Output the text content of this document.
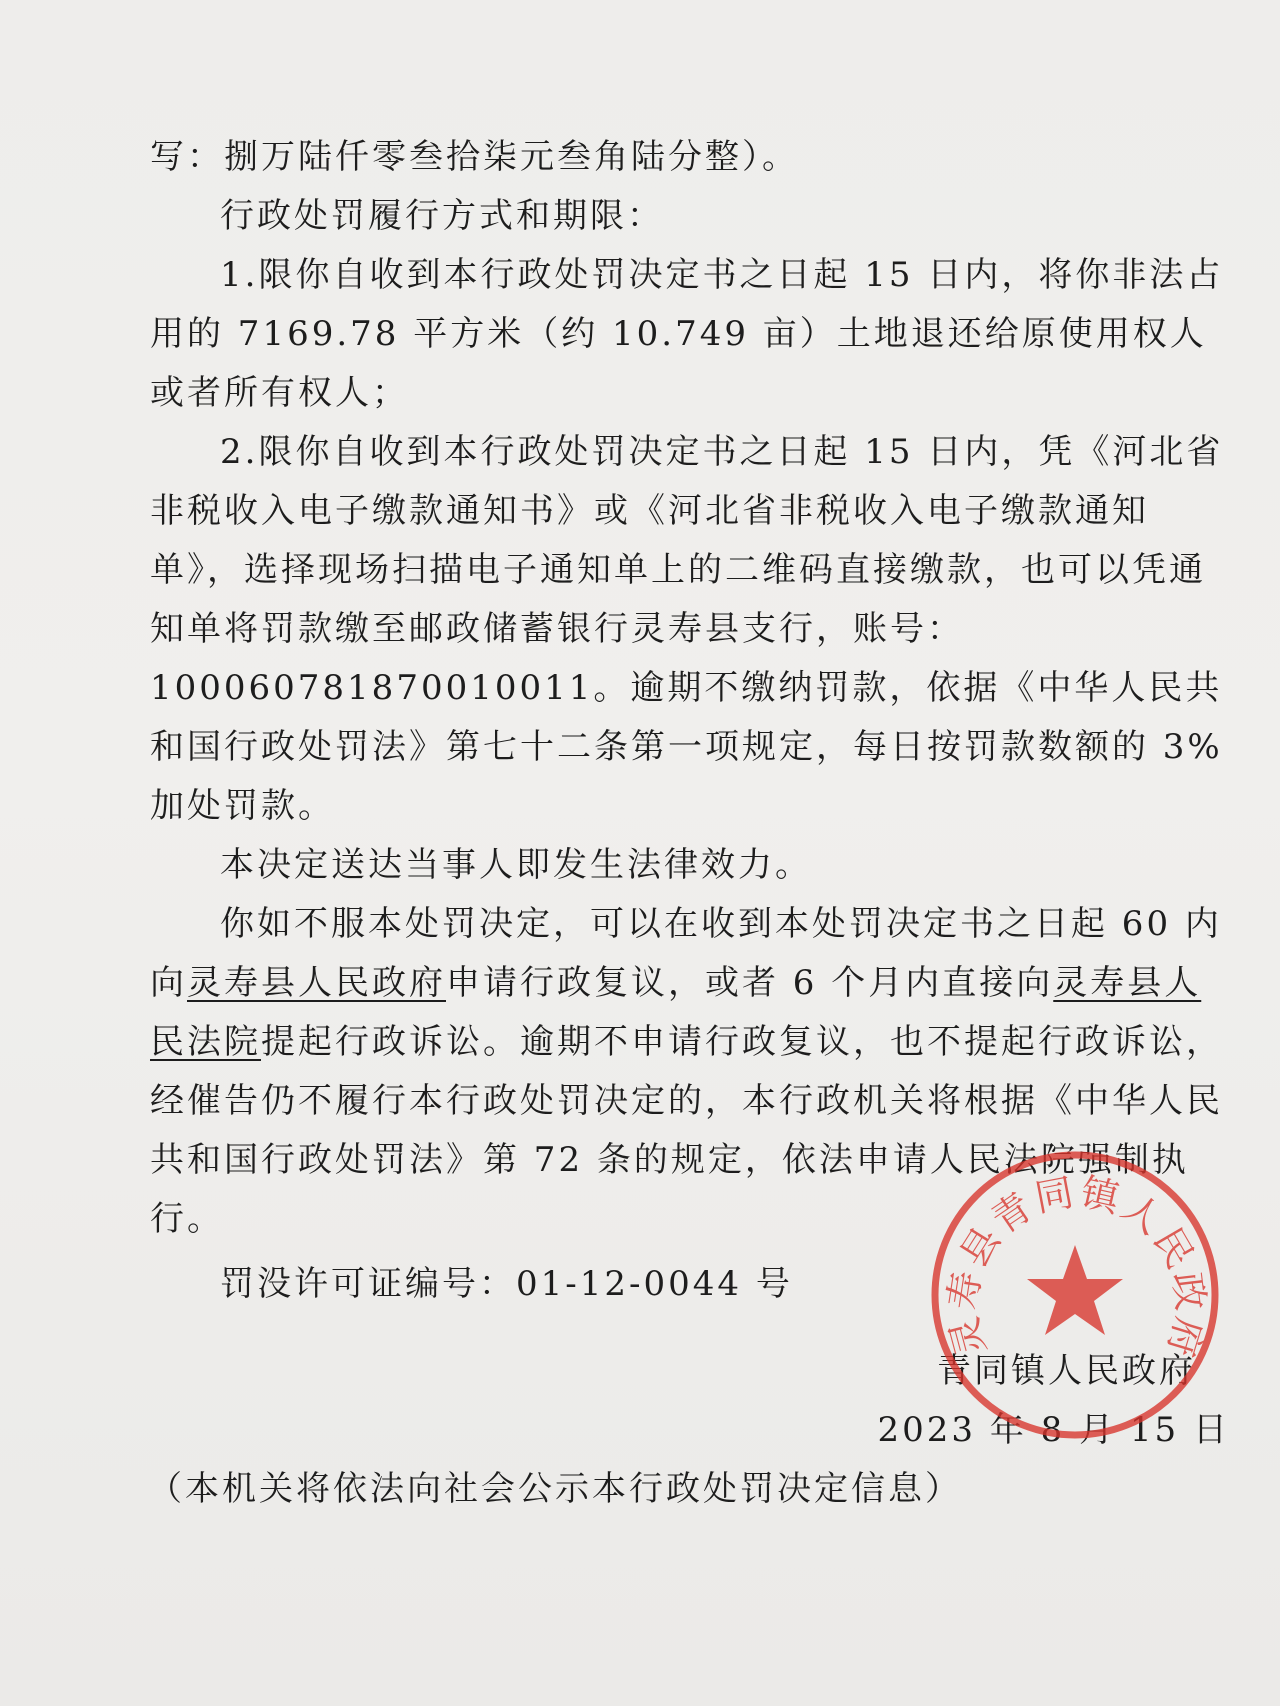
写：捌万陆仟零叁拾柒元叁角陆分整）。

行政处罚履行方式和期限：

1.限你自收到本行政处罚决定书之日起 15 日内，将你非法占用的 7169.78 平方米（约 10.749 亩）土地退还给原使用权人或者所有权人；

2.限你自收到本行政处罚决定书之日起 15 日内，凭《河北省非税收入电子缴款通知书》或《河北省非税收入电子缴款通知单》，选择现场扫描电子通知单上的二维码直接缴款，也可以凭通知单将罚款缴至邮政储蓄银行灵寿县支行，账号：100060781870010011。逾期不缴纳罚款，依据《中华人民共和国行政处罚法》第七十二条第一项规定，每日按罚款数额的 3%加处罚款。

本决定送达当事人即发生法律效力。

你如不服本处罚决定，可以在收到本处罚决定书之日起 60 内向灵寿县人民政府申请行政复议，或者 6 个月内直接向灵寿县人民法院提起行政诉讼。逾期不申请行政复议，也不提起行政诉讼，经催告仍不履行本行政处罚决定的，本行政机关将根据《中华人民共和国行政处罚法》第 72 条的规定，依法申请人民法院强制执行。

罚没许可证编号：01-12-0044 号

青同镇人民政府

2023 年 8 月 15 日

（本机关将依法向社会公示本行政处罚决定信息）

灵寿县青同镇人民政府
